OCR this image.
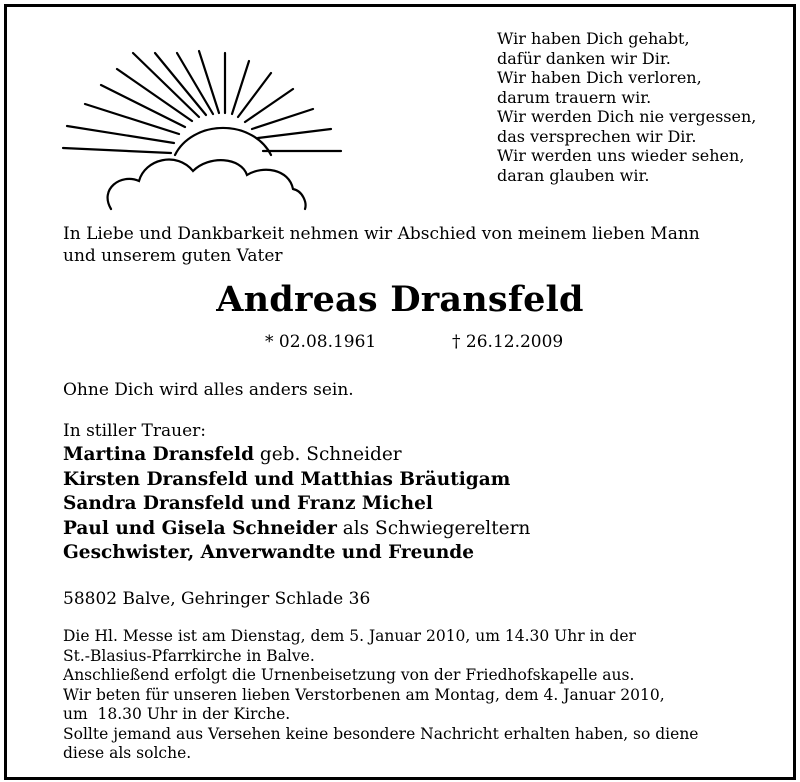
Wir haben Dich gehabt,
dafür danken wir Dir.
Wir haben Dich verloren,
darum trauern wir.
Wir werden Dich nie vergessen,
das versprechen wir Dir.
Wir werden uns wieder sehen,
daran glauben wir.
In Liebe und Dankbarkeit nehmen wir Abschied von meinem lieben Mann
und unserem guten Vater
Andreas Dransfeld
* 02.08.1961	† 26.12.2009
Ohne Dich wird alles anders sein.
In stiller Trauer:
Martina Dransfeld geb. Schneider
Kirsten Dransfeld und Matthias Bräutigam
Sandra Dransfeld und Franz Michel
Paul und Gisela Schneider als Schwiegereltern
Geschwister, Anverwandte und Freunde
58802 Balve, Gehringer Schlade 36
Die Hl. Messe ist am Dienstag, dem 5. Januar 2010, um 14.30 Uhr in der
St.-Blasius-Pfarrkirche in Balve.
Anschließend erfolgt die Urnenbeisetzung von der Friedhofskapelle aus.
Wir beten für unseren lieben Verstorbenen am Montag, dem 4. Januar 2010,
um  18.30 Uhr in der Kirche.
Sollte jemand aus Versehen keine besondere Nachricht erhalten haben, so diene
diese als solche.
